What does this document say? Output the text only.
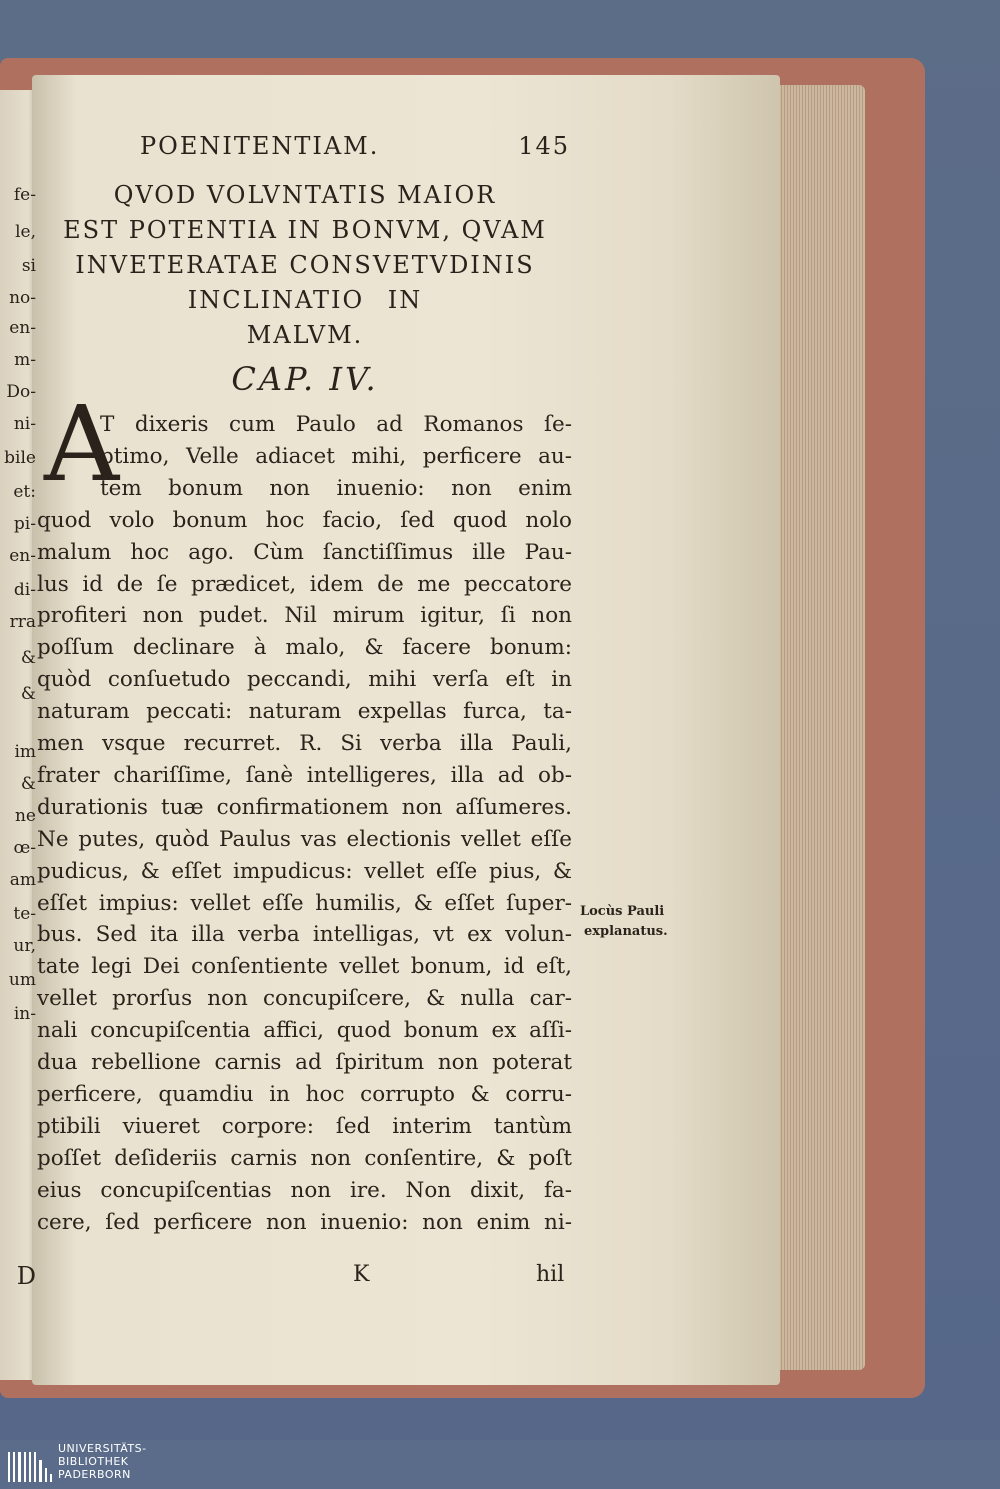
fe-
le,
si
no-
en-
m-
Do-
ni-
bile
et:
pi-
en-
di-
rra
&
&
im
&
ne
œ-
am
te-
ur,
um
in-
D
POENITENTIAM.	145
QVOD VOLVNTATIS MAIOR
EST POTENTIA IN BONVM, QVAM
INVETERATAE CONSVETVDINIS
INCLINATIO IN
MALVM.
CAP. IV.
A
T dixeris cum Paulo ad Romanos ſe-
ptimo, Velle adiacet mihi, perficere au-
tem bonum non inuenio: non enim
quod volo bonum hoc facio, ſed quod nolo
malum hoc ago. Cùm ſanctiſſimus ille Pau-
lus id de ſe prædicet, idem de me peccatore
profiteri non pudet. Nil mirum igitur, ſi non
poſſum declinare à malo, & facere bonum:
quòd conſuetudo peccandi, mihi verſa eſt in
naturam peccati: naturam expellas furca, ta-
men vsque recurret. R. Si verba illa Pauli,
frater chariſſime, ſanè intelligeres, illa ad ob-
durationis tuæ confirmationem non aſſumeres.
Ne putes, quòd Paulus vas electionis vellet eſſe
pudicus, & eſſet impudicus: vellet eſſe pius, &
eſſet impius: vellet eſſe humilis, & eſſet ſuper-
bus. Sed ita illa verba intelligas, vt ex volun-
tate legi Dei conſentiente vellet bonum, id eſt,
vellet prorſus non concupiſcere, & nulla car-
nali concupiſcentia affici, quod bonum ex aſſi-
dua rebellione carnis ad ſpiritum non poterat
perficere, quamdiu in hoc corrupto & corru-
ptibili viueret corpore: ſed interim tantùm
poſſet deſideriis carnis non conſentire, & poſt
eius concupiſcentias non ire. Non dixit, fa-
cere, ſed perficere non inuenio: non enim ni-
Locùs Pauli
explanatus.
K	hil
UNIVERSITÄTS-
BIBLIOTHEK
PADERBORN
